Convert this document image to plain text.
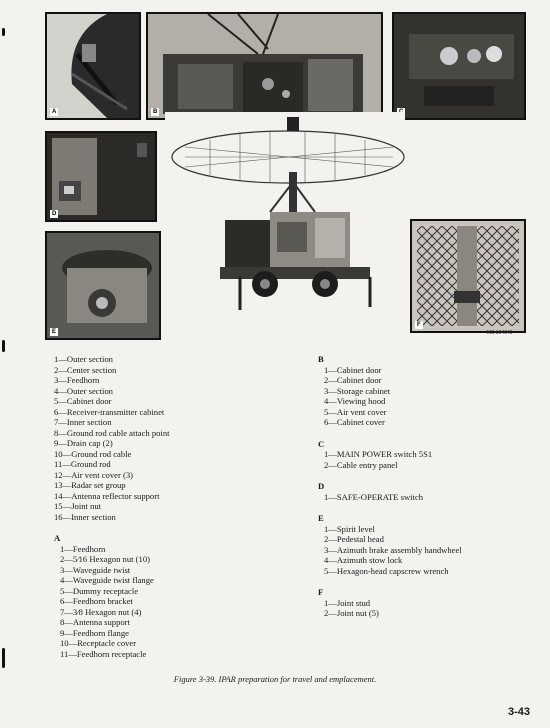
A	B
D
E
F
MS 164649
1—Outer section
2—Center section
3—Feedhorn
4—Outer section
5—Cabinet door
6—Receiver-transmitter cabinet
7—Inner section
8—Ground rod cable attach point
9—Drain cap (2)
10—Ground rod cable
11—Ground rod
12—Air vent cover (3)
13—Radar set group
14—Antenna reflector support
15—Joint nut
16—Inner section
A
1—Feedhorn
2—5⁄16 Hexagon nut (10)
3—Waveguide twist
4—Waveguide twist flange
5—Dummy receptacle
6—Feedhorn bracket
7—3⁄8 Hexagon nut (4)
8—Antenna support
9—Feedhorn flange
10—Receptacle cover
11—Feedhorn receptacle
B
1—Cabinet door
2—Cabinet door
3—Storage cabinet
4—Viewing hood
5—Air vent cover
6—Cabinet cover
C
1—MAIN POWER switch 5S1
2—Cable entry panel
D
1—SAFE-OPERATE switch
E
1—Spirit level
2—Pedestal head
3—Azimuth brake assembly handwheel
4—Azimuth stow lock
5—Hexagon-head capscrew wrench
F
1—Joint stud
2—Joint nut (5)
Figure 3-39. IPAR preparation for travel and emplacement.
3-43
